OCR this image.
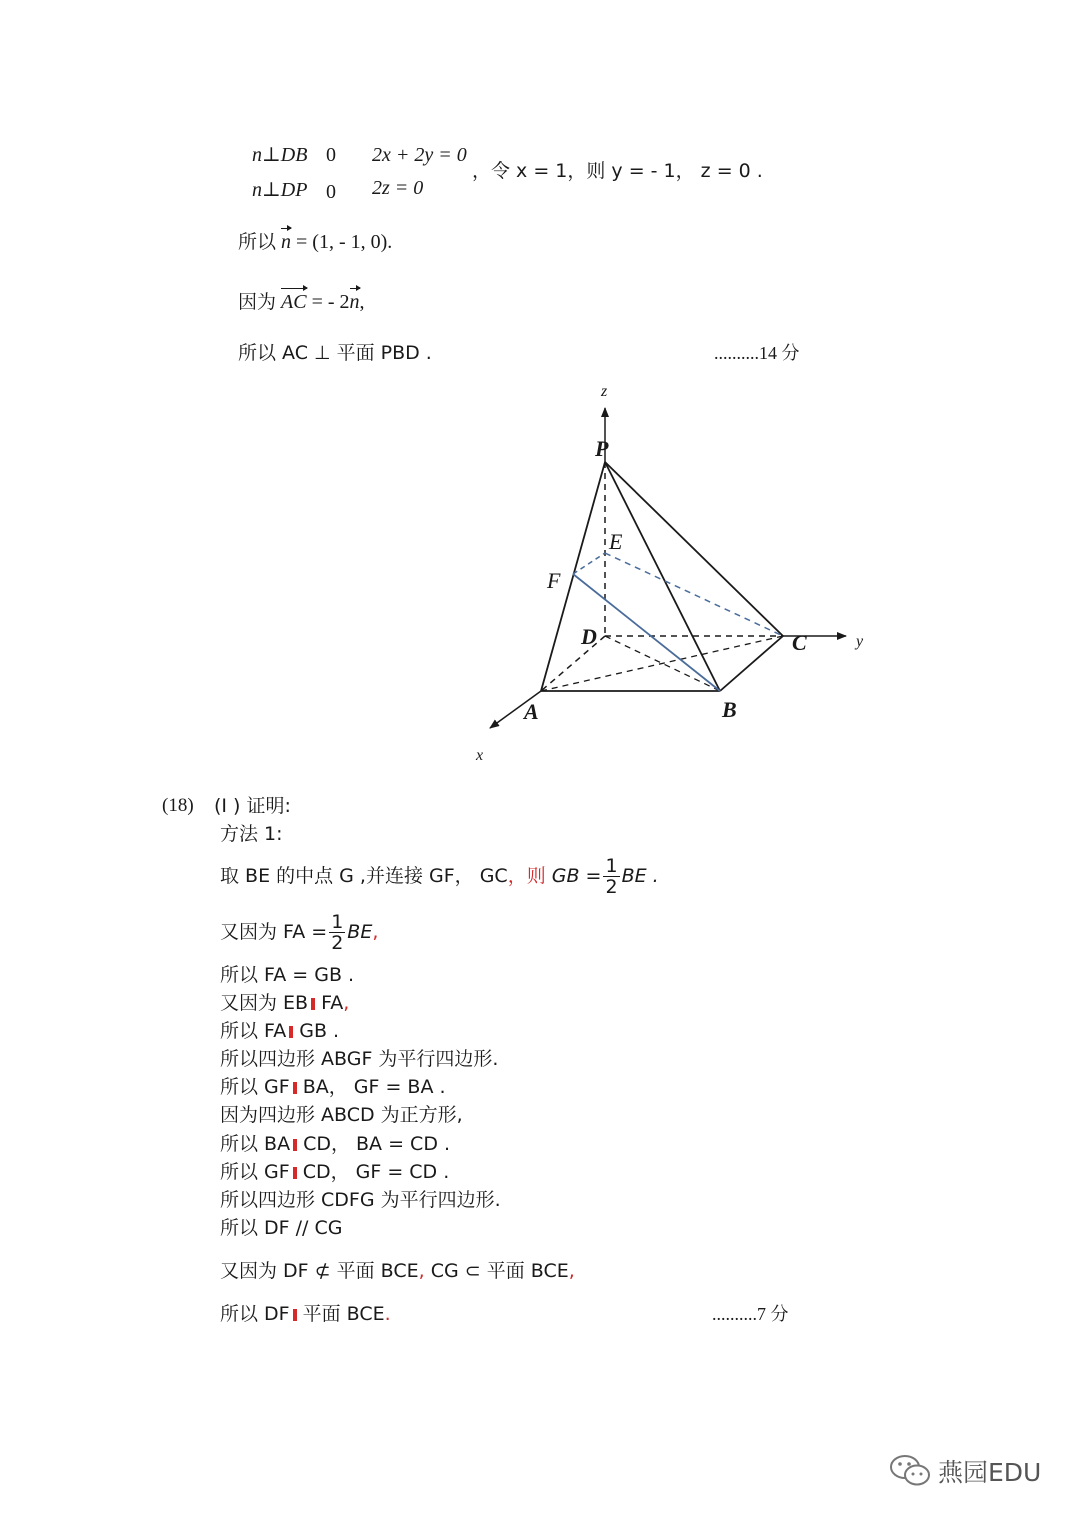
n⊥DB 0 2x + 2y = 0
n⊥DP 0 2z = 0
，令 x = 1，则 y = - 1， z = 0 .
所以 n = (1, - 1, 0).
因为 AC = - 2n,
所以 AC ⊥ 平面 PBD .	..........14 分
z
P
E
F
D	C	y
A	B
x
(18) (I ) 证明:
方法 1:
取 BE 的中点 G ,并连接 GF， GC，则 GB = $\frac{1}{2}$ BE .
又因为 FA = $\frac{1}{2}$ BE,
所以 FA = GB .
又因为 EB FA,
所以 FA GB .
所以四边形 ABGF 为平行四边形.
所以 GF BA， GF = BA .
因为四边形 ABCD 为正方形,
所以 BA CD， BA = CD .
所以 GF CD， GF = CD .
所以四边形 CDFG 为平行四边形.
所以 DF // CG
又因为 DF ⊄ 平面 BCE, CG ⊂ 平面 BCE,
所以 DF 平面 BCE.	..........7 分
燕园EDU
